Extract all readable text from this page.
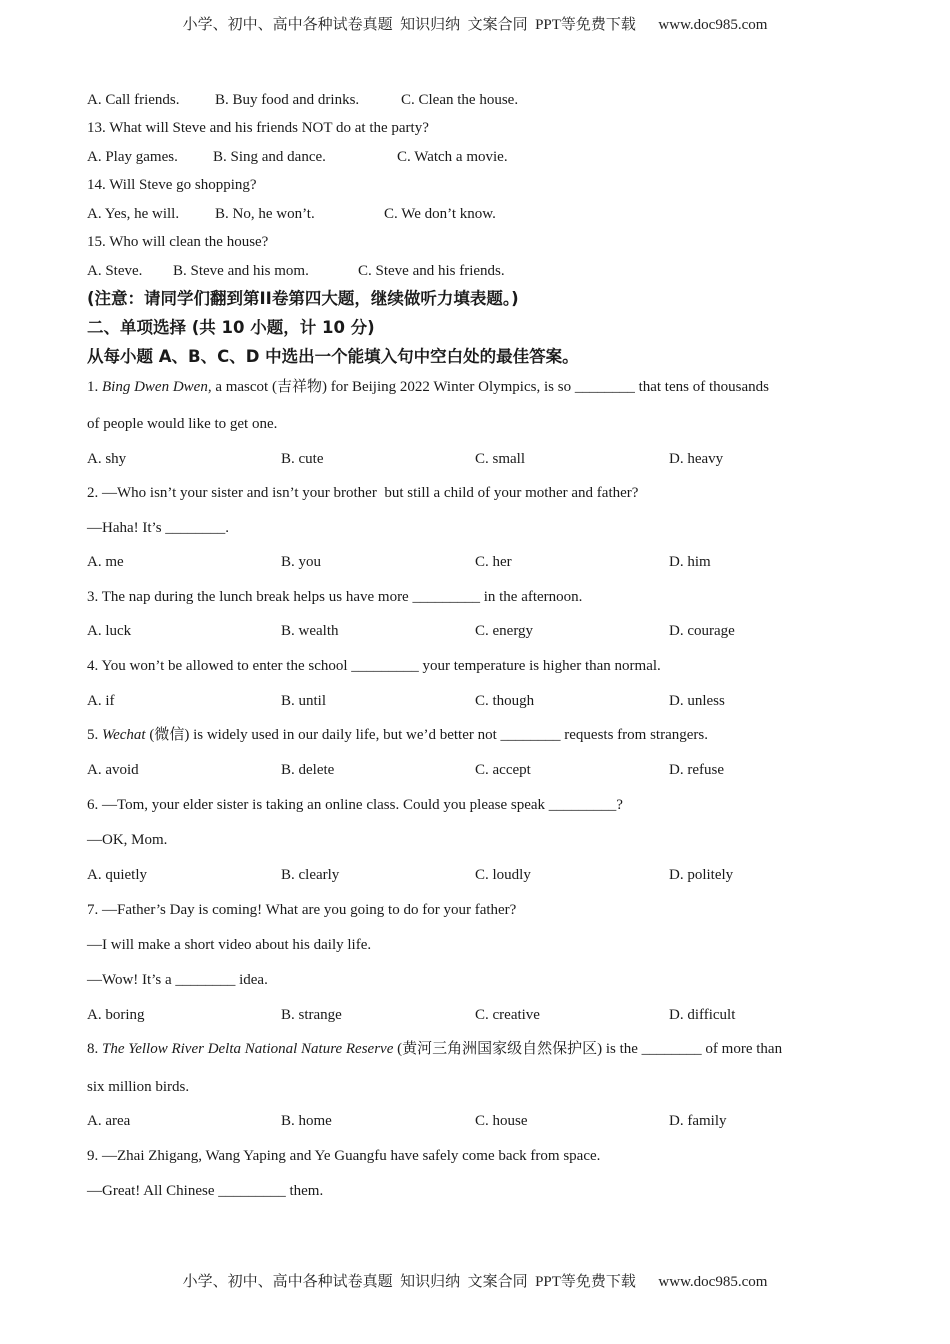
小学、初中、高中各种试卷真题  知识归纳  文案合同  PPT等免费下载      www.doc985.com
A. Call friends. B. Buy food and drinks.	C. Clean the house.
13. What will Steve and his friends NOT do at the party?
A. Play games. B. Sing and dance.	C. Watch a movie.
14. Will Steve go shopping?
A. Yes, he will. B. No, he won’t.	C. We don’t know.
15. Who will clean the house?
A. Steve. B. Steve and his mom.	C. Steve and his friends.
(注意：请同学们翻到第II卷第四大题，继续做听力填表题。)
二、单项选择 (共 10 小题，计 10 分)
从每小题 A、B、C、D 中选出一个能填入句中空白处的最佳答案。
1. Bing Dwen Dwen, a mascot (吉祥物) for Beijing 2022 Winter Olympics, is so ________ that tens of thousands
of people would like to get one.
A. shy	B. cute	C. small	D. heavy
2. —Who isn’t your sister and isn’t your brother  but still a child of your mother and father?
—Haha! It’s ________.
A. me	B. you	C. her	D. him
3. The nap during the lunch break helps us have more _________ in the afternoon.
A. luck	B. wealth	C. energy	D. courage
4. You won’t be allowed to enter the school _________ your temperature is higher than normal.
A. if	B. until	C. though	D. unless
5. Wechat (微信) is widely used in our daily life, but we’d better not ________ requests from strangers.
A. avoid	B. delete	C. accept	D. refuse
6. —Tom, your elder sister is taking an online class. Could you please speak _________?
—OK, Mom.
A. quietly	B. clearly	C. loudly	D. politely
7. —Father’s Day is coming! What are you going to do for your father?
—I will make a short video about his daily life.
—Wow! It’s a ________ idea.
A. boring	B. strange	C. creative	D. difficult
8. The Yellow River Delta National Nature Reserve (黄河三角洲国家级自然保护区) is the ________ of more than
six million birds.
A. area	B. home	C. house	D. family
9. —Zhai Zhigang, Wang Yaping and Ye Guangfu have safely come back from space.
—Great! All Chinese _________ them.
小学、初中、高中各种试卷真题  知识归纳  文案合同  PPT等免费下载      www.doc985.com
